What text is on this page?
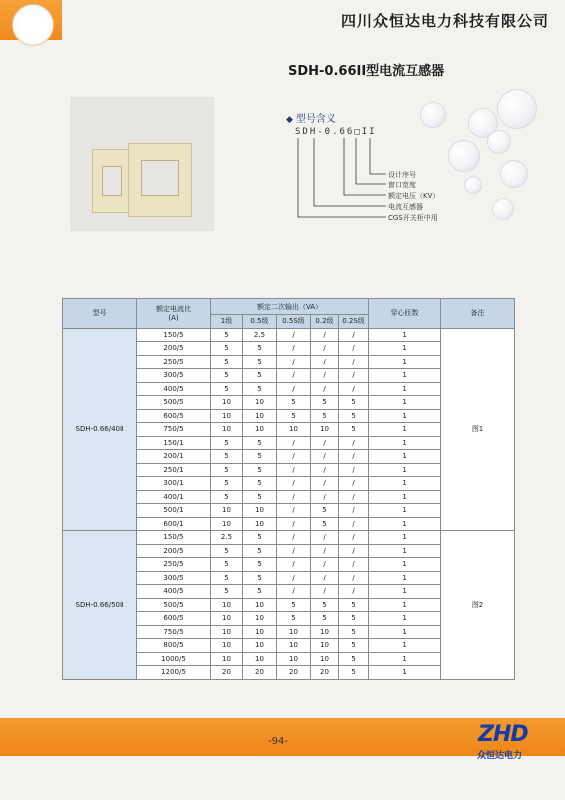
四川众恒达电力科技有限公司
SDH-0.66II型电流互感器
◆ 型号含义
SDH-0.66□II
设计序号
窗口宽度
额定电压（KV）
电流互感器
CGS开关柜中用
型号	额定电流比
(A)	额定二次输出（VA）					穿心匝数	备注
		1级	0.5级	0.5S级	0.2级	0.2S级		
SDH-0.66/40Ⅱ	150/5	5	2.5	/	/	/	1	图1
	200/5	5	5	/	/	/	1	
	250/5	5	5	/	/	/	1	
	300/5	5	5	/	/	/	1	
	400/5	5	5	/	/	/	1	
	500/5	10	10	5	5	5	1	
	600/5	10	10	5	5	5	1	
	750/5	10	10	10	10	5	1	
	150/1	5	5	/	/	/	1	
	200/1	5	5	/	/	/	1	
	250/1	5	5	/	/	/	1	
	300/1	5	5	/	/	/	1	
	400/1	5	5	/	/	/	1	
	500/1	10	10	/	5	/	1	
	600/1	10	10	/	5	/	1	
SDH-0.66/50Ⅱ	150/5	2.5	5	/	/	/	1	图2
	200/5	5	5	/	/	/	1	
	250/5	5	5	/	/	/	1	
	300/5	5	5	/	/	/	1	
	400/5	5	5	/	/	/	1	
	500/5	10	10	5	5	5	1	
	600/5	10	10	5	5	5	1	
	750/5	10	10	10	10	5	1	
	800/5	10	10	10	10	5	1	
	1000/5	10	10	10	10	5	1	
	1200/5	20	20	20	20	5	1	
-94-	ZHD
众恒达电力
